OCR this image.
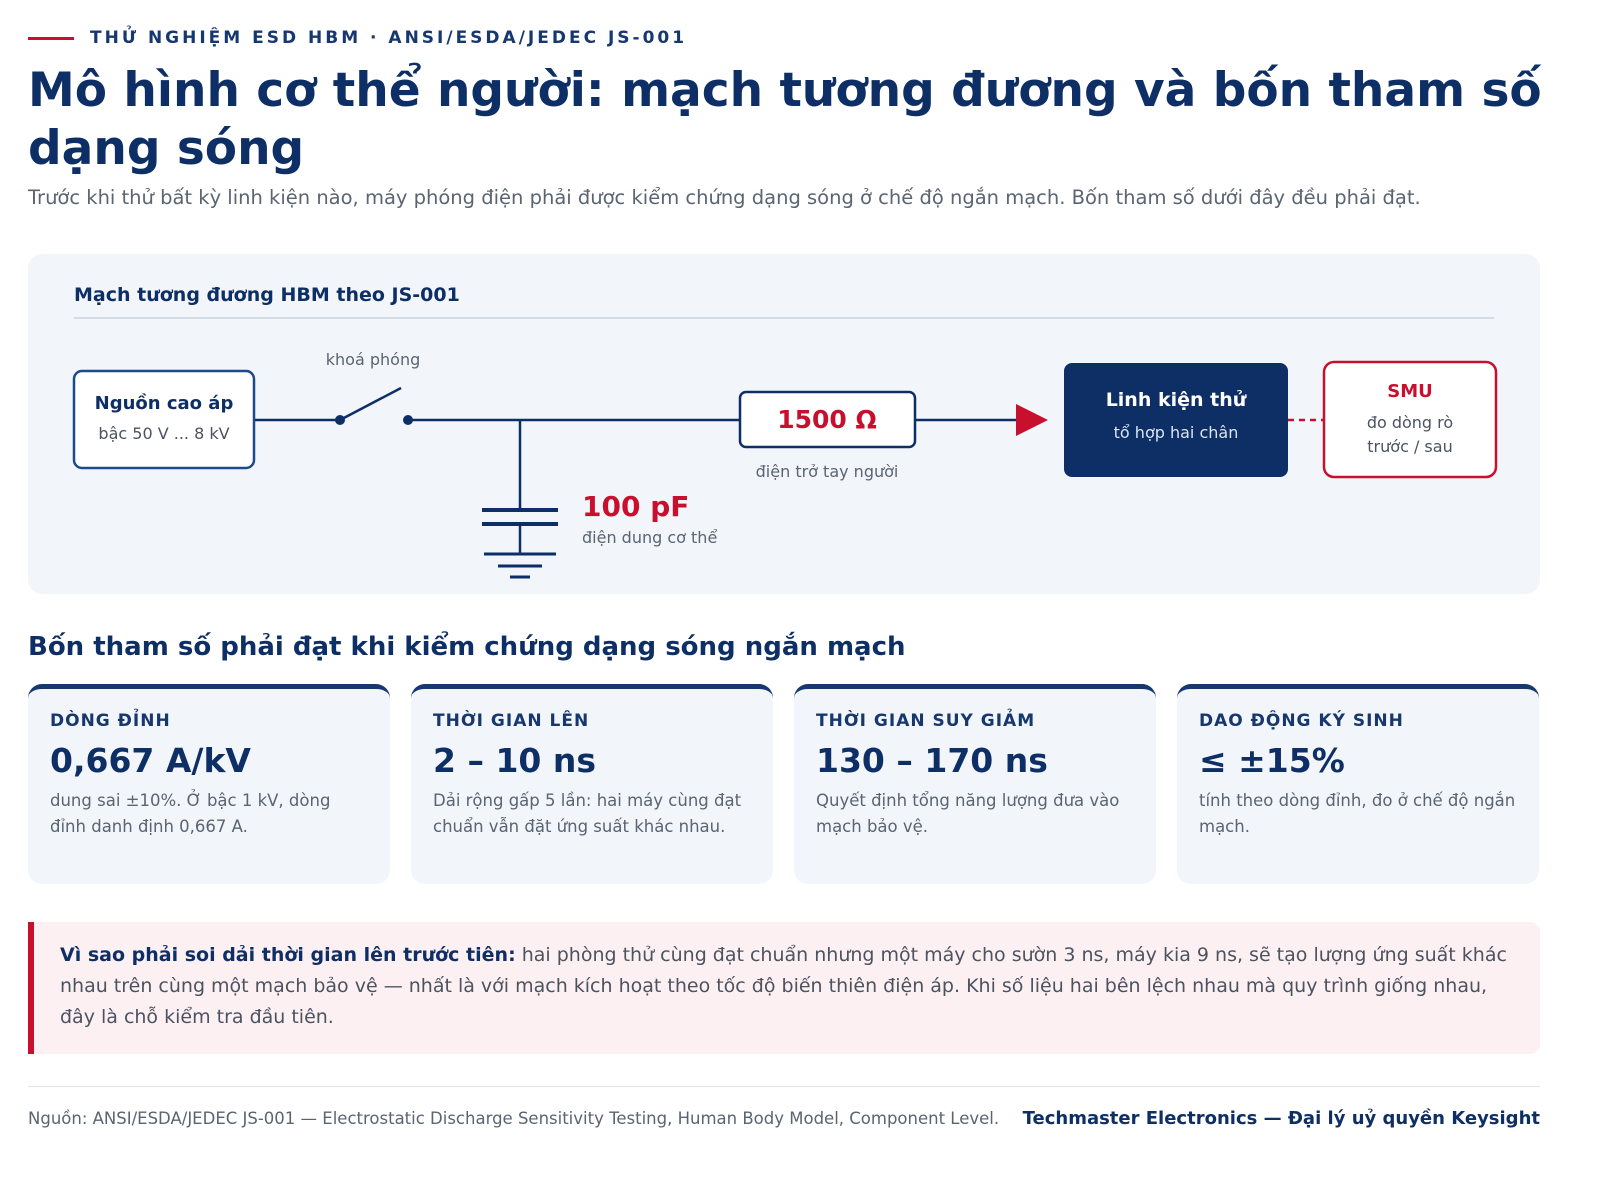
THỬ NGHIỆM ESD HBM · ANSI/ESDA/JEDEC JS-001
Mô hình cơ thể người: mạch tương đương và bốn tham số dạng sóng

Trước khi thử bất kỳ linh kiện nào, máy phóng điện phải được kiểm chứng dạng sóng ở chế độ ngắn mạch. Bốn tham số dưới đây đều phải đạt.

Mạch tương đương HBM theo JS-001
Nguồn cao áp
bậc 50 V ... 8 kV
khoá phóng
100 pF
điện dung cơ thể
1500 Ω
điện trở tay người
Linh kiện thử
tổ hợp hai chân
SMU
đo dòng rò
trước / sau
Bốn tham số phải đạt khi kiểm chứng dạng sóng ngắn mạch
DÒNG ĐỈNH
0,667 A/kV
dung sai ±10%. Ở bậc 1 kV, dòng đỉnh danh định 0,667 A.
THỜI GIAN LÊN
2 – 10 ns
Dải rộng gấp 5 lần: hai máy cùng đạt chuẩn vẫn đặt ứng suất khác nhau.
THỜI GIAN SUY GIẢM
130 – 170 ns
Quyết định tổng năng lượng đưa vào mạch bảo vệ.
DAO ĐỘNG KÝ SINH
≤ ±15%
tính theo dòng đỉnh, đo ở chế độ ngắn mạch.
Vì sao phải soi dải thời gian lên trước tiên: hai phòng thử cùng đạt chuẩn nhưng một máy cho sườn 3 ns, máy kia 9 ns, sẽ tạo lượng ứng suất khác nhau trên cùng một mạch bảo vệ — nhất là với mạch kích hoạt theo tốc độ biến thiên điện áp. Khi số liệu hai bên lệch nhau mà quy trình giống nhau, đây là chỗ kiểm tra đầu tiên.
Nguồn: ANSI/ESDA/JEDEC JS-001 — Electrostatic Discharge Sensitivity Testing, Human Body Model, Component Level. Techmaster Electronics — Đại lý uỷ quyền Keysight
